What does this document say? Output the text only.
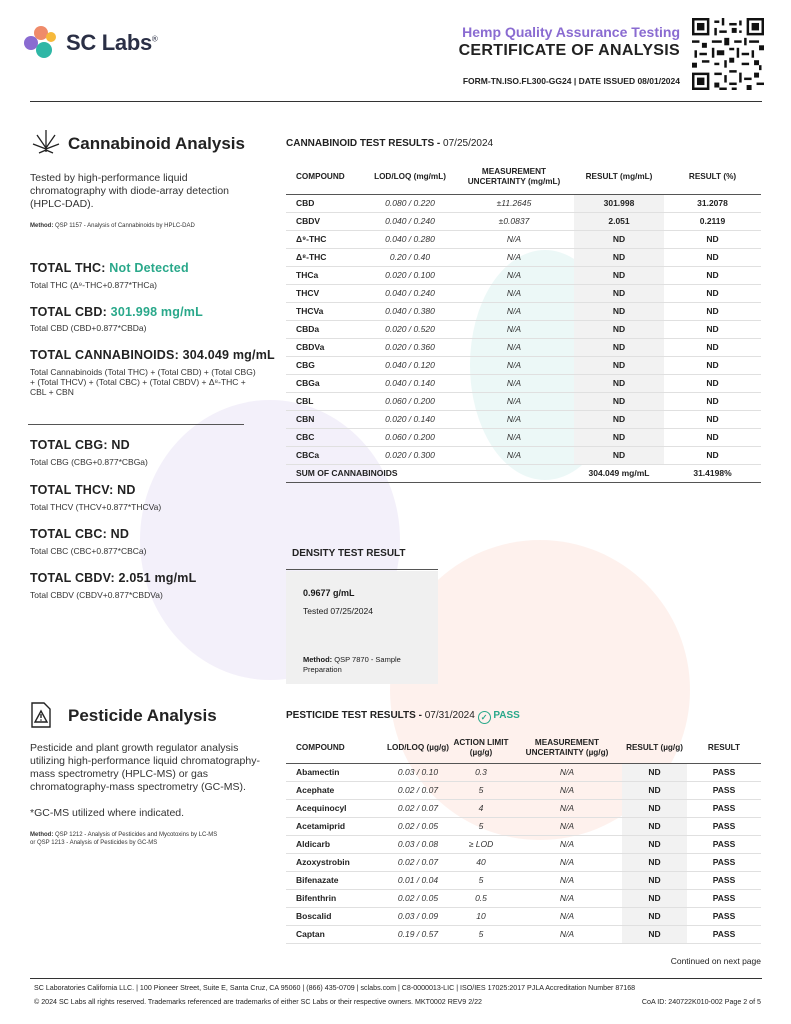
SC Labs®	Hemp Quality Assurance Testing
CERTIFICATE OF ANALYSIS
FORM-TN.ISO.FL300-GG24 | DATE ISSUED 08/01/2024
Cannabinoid Analysis
Tested by high-performance liquid chromatography with diode-array detection (HPLC-DAD).
Method: QSP 1157 - Analysis of Cannabinoids by HPLC-DAD
TOTAL THC: Not Detected
Total THC (Δ⁹-THC+0.877*THCa)
TOTAL CBD: 301.998 mg/mL
Total CBD (CBD+0.877*CBDa)
TOTAL CANNABINOIDS: 304.049 mg/mL
Total Cannabinoids (Total THC) + (Total CBD) + (Total CBG) + (Total THCV) + (Total CBC) + (Total CBDV) + Δ⁸-THC + CBL + CBN
TOTAL CBG: ND
Total CBG (CBG+0.877*CBGa)
TOTAL THCV: ND
Total THCV (THCV+0.877*THCVa)
TOTAL CBC: ND
Total CBC (CBC+0.877*CBCa)
TOTAL CBDV: 2.051 mg/mL
Total CBDV (CBDV+0.877*CBDVa)
CANNABINOID TEST RESULTS - 07/25/2024
COMPOUND	LOD/LOQ (mg/mL)	MEASUREMENT UNCERTAINTY (mg/mL)	RESULT (mg/mL)	RESULT (%)
CBD	0.080 / 0.220	±11.2645	301.998	31.2078
CBDV	0.040 / 0.240	±0.0837	2.051	0.2119
Δ⁹-THC	0.040 / 0.280	N/A	ND	ND
Δ⁸-THC	0.20 / 0.40	N/A	ND	ND
THCa	0.020 / 0.100	N/A	ND	ND
THCV	0.040 / 0.240	N/A	ND	ND
THCVa	0.040 / 0.380	N/A	ND	ND
CBDa	0.020 / 0.520	N/A	ND	ND
CBDVa	0.020 / 0.360	N/A	ND	ND
CBG	0.040 / 0.120	N/A	ND	ND
CBGa	0.040 / 0.140	N/A	ND	ND
CBL	0.060 / 0.200	N/A	ND	ND
CBN	0.020 / 0.140	N/A	ND	ND
CBC	0.060 / 0.200	N/A	ND	ND
CBCa	0.020 / 0.300	N/A	ND	ND
SUM OF CANNABINOIDS			304.049 mg/mL	31.4198%
DENSITY TEST RESULT
0.9677 g/mL
Tested 07/25/2024
Method: QSP 7870 - Sample Preparation
Pesticide Analysis
Pesticide and plant growth regulator analysis utilizing high-performance liquid chromatography-mass spectrometry (HPLC-MS) or gas chromatography-mass spectrometry (GC-MS).
*GC-MS utilized where indicated.
Method: QSP 1212 - Analysis of Pesticides and Mycotoxins by LC-MS or QSP 1213 - Analysis of Pesticides by GC-MS
PESTICIDE TEST RESULTS - 07/31/2024 ✓ PASS
COMPOUND	LOD/LOQ (µg/g)	ACTION LIMIT (µg/g)	MEASUREMENT UNCERTAINTY (µg/g)	RESULT (µg/g)	RESULT
Abamectin	0.03 / 0.10	0.3	N/A	ND	PASS
Acephate	0.02 / 0.07	5	N/A	ND	PASS
Acequinocyl	0.02 / 0.07	4	N/A	ND	PASS
Acetamiprid	0.02 / 0.05	5	N/A	ND	PASS
Aldicarb	0.03 / 0.08	≥ LOD	N/A	ND	PASS
Azoxystrobin	0.02 / 0.07	40	N/A	ND	PASS
Bifenazate	0.01 / 0.04	5	N/A	ND	PASS
Bifenthrin	0.02 / 0.05	0.5	N/A	ND	PASS
Boscalid	0.03 / 0.09	10	N/A	ND	PASS
Captan	0.19 / 0.57	5	N/A	ND	PASS
Continued on next page
SC Laboratories California LLC. | 100 Pioneer Street, Suite E, Santa Cruz, CA 95060 | (866) 435-0709 | sclabs.com | C8-0000013-LIC | ISO/IES 17025:2017 PJLA Accreditation Number 87168
© 2024 SC Labs all rights reserved. Trademarks referenced are trademarks of either SC Labs or their respective owners. MKT0002 REV9 2/22	CoA ID: 240722K010-002 Page 2 of 5
